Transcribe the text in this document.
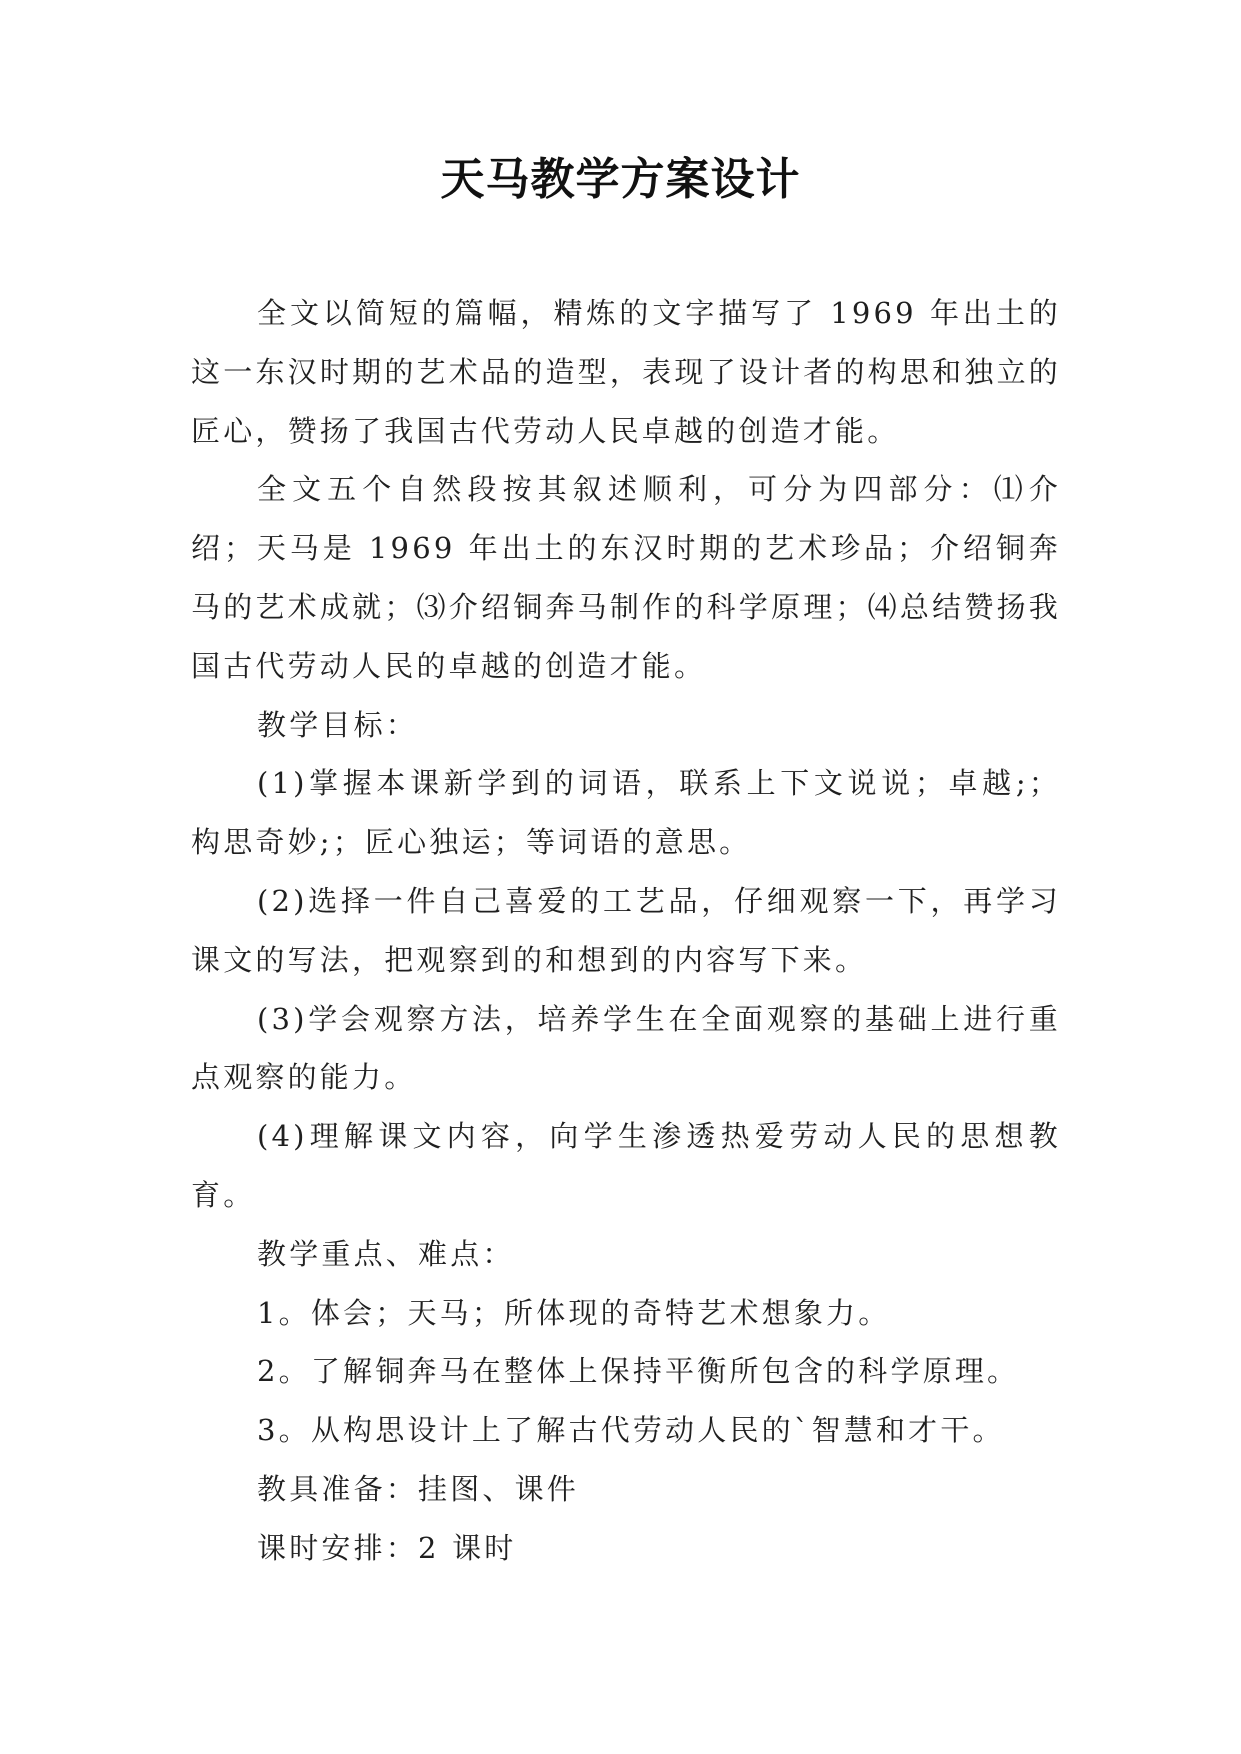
天马教学方案设计

全文以简短的篇幅，精炼的文字描写了 1969 年出土的这一东汉时期的艺术品的造型，表现了设计者的构思和独立的匠心，赞扬了我国古代劳动人民卓越的创造才能。

全文五个自然段按其叙述顺利，可分为四部分：⑴介绍；天马是 1969 年出土的东汉时期的艺术珍品；介绍铜奔马的艺术成就；⑶介绍铜奔马制作的科学原理；⑷总结赞扬我国古代劳动人民的卓越的创造才能。

教学目标：

(1)掌握本课新学到的词语，联系上下文说说；卓越;；构思奇妙;；匠心独运；等词语的意思。

(2)选择一件自己喜爱的工艺品，仔细观察一下，再学习课文的写法，把观察到的和想到的内容写下来。

(3)学会观察方法，培养学生在全面观察的基础上进行重点观察的能力。

(4)理解课文内容，向学生渗透热爱劳动人民的思想教育。

教学重点、难点：

1。体会；天马；所体现的奇特艺术想象力。

2。了解铜奔马在整体上保持平衡所包含的科学原理。

3。从构思设计上了解古代劳动人民的`智慧和才干。

教具准备：挂图、课件

课时安排：2 课时
